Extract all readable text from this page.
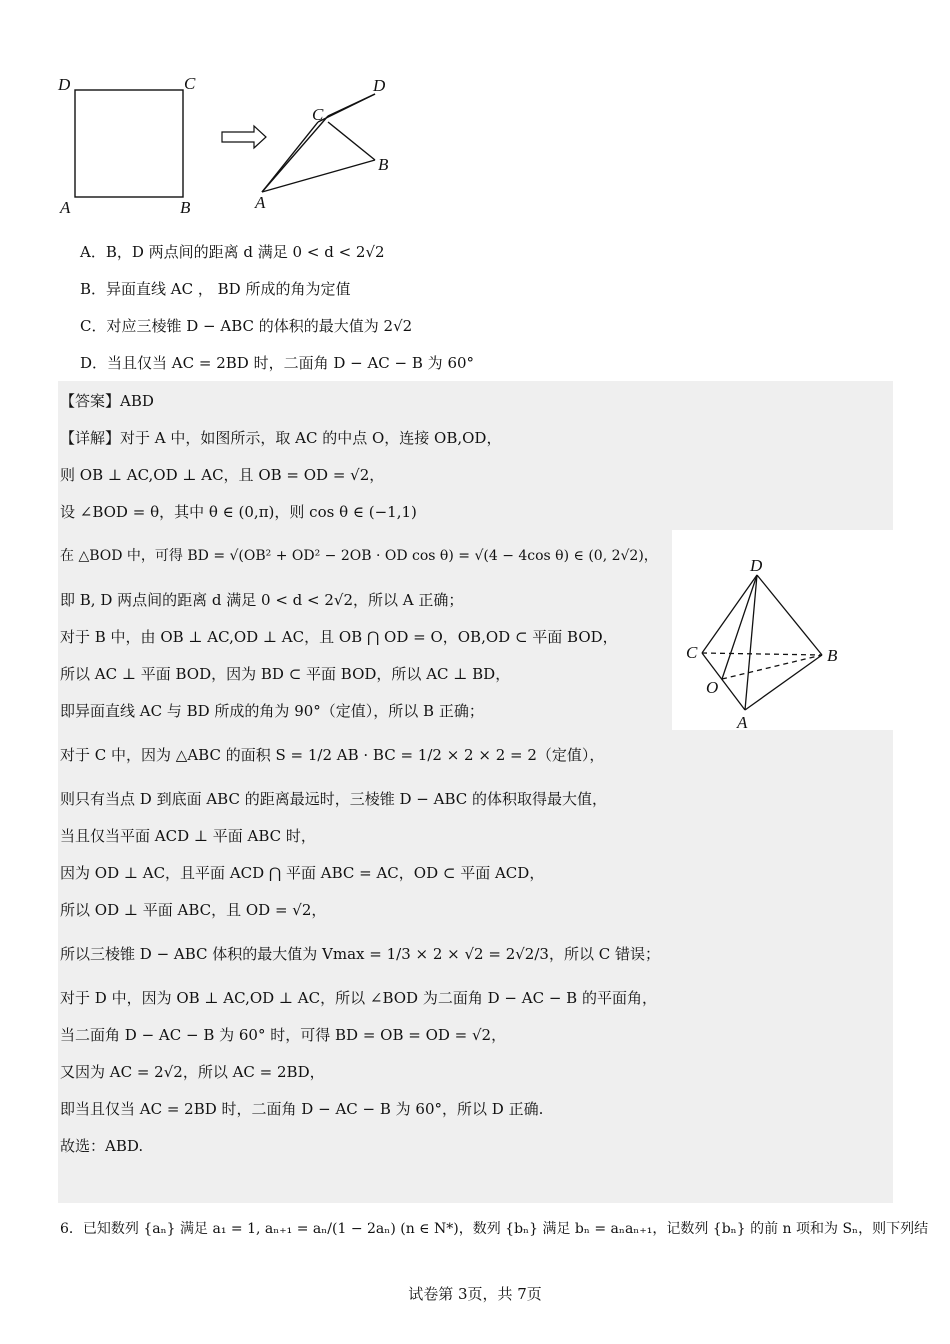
D	C
A	B
C
D
B
A
A．B，D 两点间的距离 d 满足 0 < d < 2√2
B．异面直线 AC ， BD 所成的角为定值
C．对应三棱锥 D − ABC 的体积的最大值为 2√2
D．当且仅当 AC = 2BD 时，二面角 D − AC − B 为 60°
【答案】ABD
【详解】对于 A 中，如图所示，取 AC 的中点 O，连接 OB,OD，
则 OB ⊥ AC,OD ⊥ AC，且 OB = OD = √2，
设 ∠BOD = θ，其中 θ ∈ (0,π)，则 cos θ ∈ (−1,1)
在 △BOD 中，可得 BD = √(OB² + OD² − 2OB · OD cos θ) = √(4 − 4cos θ) ∈ (0, 2√2)，
即 B, D 两点间的距离 d 满足 0 < d < 2√2，所以 A 正确；
对于 B 中，由 OB ⊥ AC,OD ⊥ AC，且 OB ⋂ OD = O，OB,OD ⊂ 平面 BOD，
所以 AC ⊥ 平面 BOD，因为 BD ⊂ 平面 BOD，所以 AC ⊥ BD，
即异面直线 AC 与 BD 所成的角为 90°（定值），所以 B 正确；
对于 C 中，因为 △ABC 的面积 S = 1/2 AB · BC = 1/2 × 2 × 2 = 2（定值），
则只有当点 D 到底面 ABC 的距离最远时，三棱锥 D − ABC 的体积取得最大值，
当且仅当平面 ACD ⊥ 平面 ABC 时，
因为 OD ⊥ AC，且平面 ACD ⋂ 平面 ABC = AC，OD ⊂ 平面 ACD，
所以 OD ⊥ 平面 ABC，且 OD = √2，
所以三棱锥 D − ABC 体积的最大值为 Vmax = 1/3 × 2 × √2 = 2√2/3，所以 C 错误；
对于 D 中，因为 OB ⊥ AC,OD ⊥ AC，所以 ∠BOD 为二面角 D − AC − B 的平面角，
当二面角 D − AC − B 为 60° 时，可得 BD = OB = OD = √2，
又因为 AC = 2√2，所以 AC = 2BD，
即当且仅当 AC = 2BD 时，二面角 D − AC − B 为 60°，所以 D 正确.
故选：ABD.
D
C	B
O
A
6．已知数列 {aₙ} 满足 a₁ = 1, aₙ₊₁ = aₙ/(1 − 2aₙ) (n ∈ N*)，数列 {bₙ} 满足 bₙ = aₙaₙ₊₁，记数列 {bₙ} 的前 n 项和为 Sₙ，则下列结
试卷第 3页，共 7页
